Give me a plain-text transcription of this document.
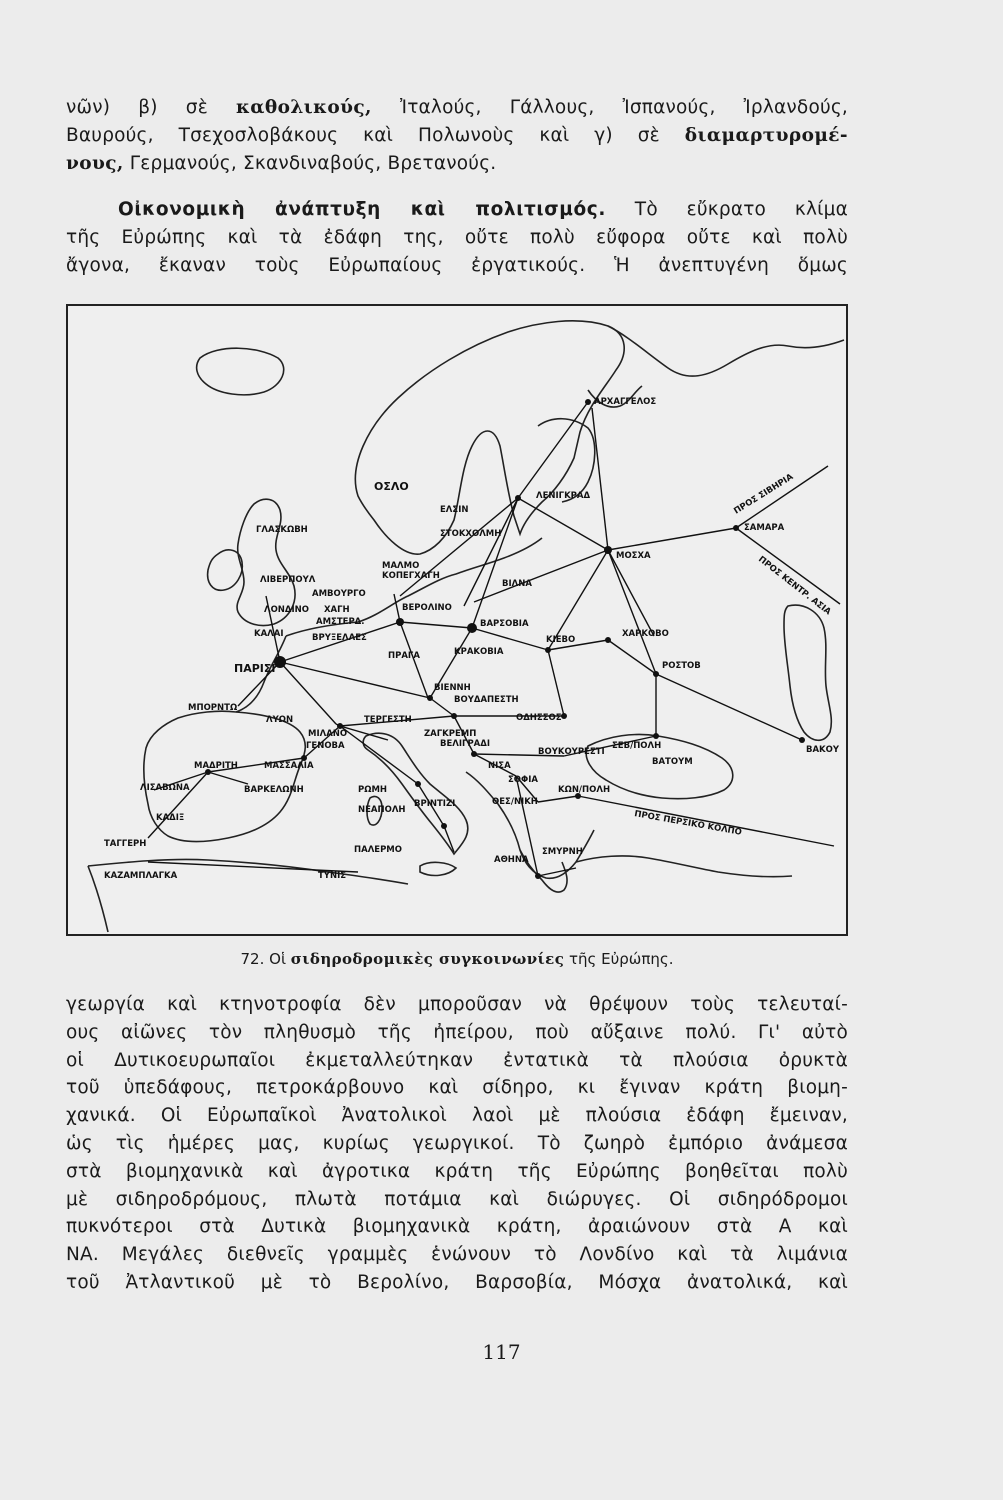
νῶν) β) σὲ καθολικούς, Ἰταλούς, Γάλλους, Ἰσπανούς, Ἰρλανδούς,
Βαυρούς, Τσεχοσλοβάκους καὶ Πολωνοὺς καὶ γ) σὲ διαμαρτυρομέ-
νους, Γερμανούς, Σκανδιναβούς, Βρετανούς.
Οἰκονομικὴ ἀνάπτυξη καὶ πολιτισμός. Τὸ εὔκρατο κλίμα
τῆς Εὐρώπης καὶ τὰ ἐδάφη της, οὔτε πολὺ εὔφορα οὔτε καὶ πολὺ
ἄγονα, ἔκαναν τοὺς Εὐρωπαίους ἐργατικούς. Ἡ ἀνεπτυγένη ὅμως
ΑΡΧΑΓΓΕΛΟΣ
ΟΣΛΟ
ΕΛΣΙΝ
ΣΤΟΚΧΟΛΜΗ
ΛΕΝΙΓΚΡΑΔ
ΓΛΑΣΚΩΒΗ
ΜΑΛΜΟ
ΚΟΠΕΓΧΑΓΗ
ΛΙΒΕΡΠΟΥΛ
ΑΜΒΟΥΡΓΟ
ΛΟΝΔΙΝΟ ΧΑΓΗ
ΑΜΣΤΕΡΔ.
ΚΑΛΑΙ	ΒΡΥΞΕΛΛΕΣ
ΒΕΡΟΛΙΝΟ
ΒΙΛΝΑ
ΜΟΣΧΑ
ΣΑΜΑΡΑ
ΠΡΟΣ ΣΙΒΗΡΙΑ
ΠΡΟΣ ΚΕΝΤΡ. ΑΣΙΑ
ΒΑΡΣΟΒΙΑ
ΚΙΕΒΟ
ΧΑΡΚΟΒΟ
ΠΡΑΓΑ	ΚΡΑΚΟΒΙΑ
ΠΑΡΙΣΙ	ΡΟΣΤΟΒ
ΒΙΕΝΝΗ
ΒΟΥΔΑΠΕΣΤΗ
ΟΔΗΣΣΟΣ
ΜΠΟΡΝΤΩ
ΛΥΩΝ
ΜΙΛΑΝΟ
ΤΕΡΓΕΣΤΗ
ΖΑΓΚΡΕΜΠ
ΓΕΝΟΒΑ	ΒΕΛΙΓΡΑΔΙ
ΒΟΥΚΟΥΡΕΣΤΙ
ΣΕΒ/ΠΟΛΗ
ΒΑΤΟΥΜ
ΒΑΚΟΥ
ΜΑΔΡΙΤΗ	ΜΑΣΣΑΛΙΑ
ΒΑΡΚΕΛΩΝΗ
ΝΙΣΑ
ΣΟΦΙΑ
ΚΩΝ/ΠΟΛΗ
ΛΙΣΑΒΩΝΑ
ΚΑΔΙΞ
ΡΩΜΗ
ΝΕΑΠΟΛΗ
ΒΡΙΝΤΙΖΙ	ΘΕΣ/ΝΙΚΗ
ΑΘΗΝΑ
ΣΜΥΡΝΗ
ΠΡΟΣ ΠΕΡΣΙΚΟ ΚΟΛΠΟ
ΤΑΓΓΕΡΗ
ΚΑΖΑΜΠΛΑΓΚΑ
ΠΑΛΕΡΜΟ
ΤΥΝΙΣ
72. Οἱ σιδηροδρομικὲς συγκοινωνίες τῆς Εὐρώπης.
γεωργία καὶ κτηνοτροφία δὲν μποροῦσαν νὰ θρέψουν τοὺς τελευταί-
ους αἰῶνες τὸν πληθυσμὸ τῆς ἠπείρου, ποὺ αὔξαινε πολύ. Γι' αὐτὸ
οἱ Δυτικοευρωπαῖοι ἐκμεταλλεύτηκαν ἐντατικὰ τὰ πλούσια ὀρυκτὰ
τοῦ ὑπεδάφους, πετροκάρβουνο καὶ σίδηρο, κι ἔγιναν κράτη βιομη-
χανικά. Οἱ Εὐρωπαῖκοὶ Ἀνατολικοὶ λαοὶ μὲ πλούσια ἐδάφη ἔμειναν,
ὡς τὶς ἡμέρες μας, κυρίως γεωργικοί. Τὸ ζωηρὸ ἐμπόριο ἀνάμεσα
στὰ βιομηχανικὰ καὶ ἀγροτικα κράτη τῆς Εὐρώπης βοηθεῖται πολὺ
μὲ σιδηροδρόμους, πλωτὰ ποτάμια καὶ διώρυγες. Οἱ σιδηρόδρομοι
πυκνότεροι στὰ Δυτικὰ βιομηχανικὰ κράτη, ἀραιώνουν στὰ Α καὶ
ΝΑ. Μεγάλες διεθνεῖς γραμμὲς ἑνώνουν τὸ Λονδίνο καὶ τὰ λιμάνια
τοῦ Ἀτλαντικοῦ μὲ τὸ Βερολίνο, Βαρσοβία, Μόσχα ἀνατολικά, καὶ
117
